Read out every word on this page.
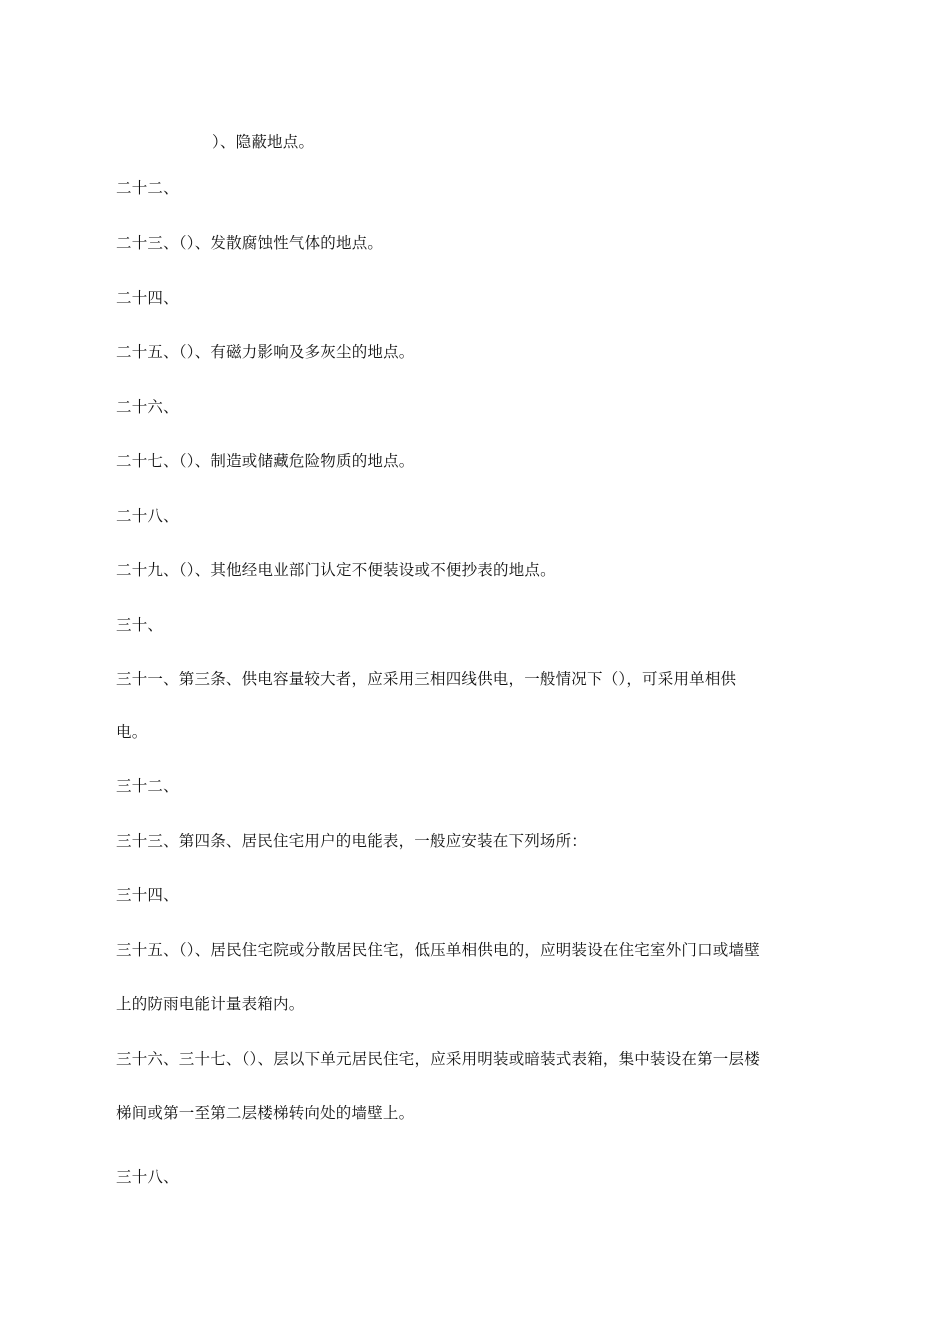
）、隐蔽地点。
二十二、
二十三、（）、发散腐蚀性气体的地点。
二十四、
二十五、（）、有磁力影响及多灰尘的地点。
二十六、
二十七、（）、制造或储藏危险物质的地点。
二十八、
二十九、（）、其他经电业部门认定不便装设或不便抄表的地点。
三十、
三十一、第三条、供电容量较大者，应采用三相四线供电，一般情况下（），可采用单相供
电。
三十二、
三十三、第四条、居民住宅用户的电能表，一般应安装在下列场所：
三十四、
三十五、（）、居民住宅院或分散居民住宅，低压单相供电的，应明装设在住宅室外门口或墙壁
上的防雨电能计量表箱内。
三十六、三十七、（）、层以下单元居民住宅，应采用明装或暗装式表箱，集中装设在第一层楼
梯间或第一至第二层楼梯转向处的墙壁上。
三十八、
